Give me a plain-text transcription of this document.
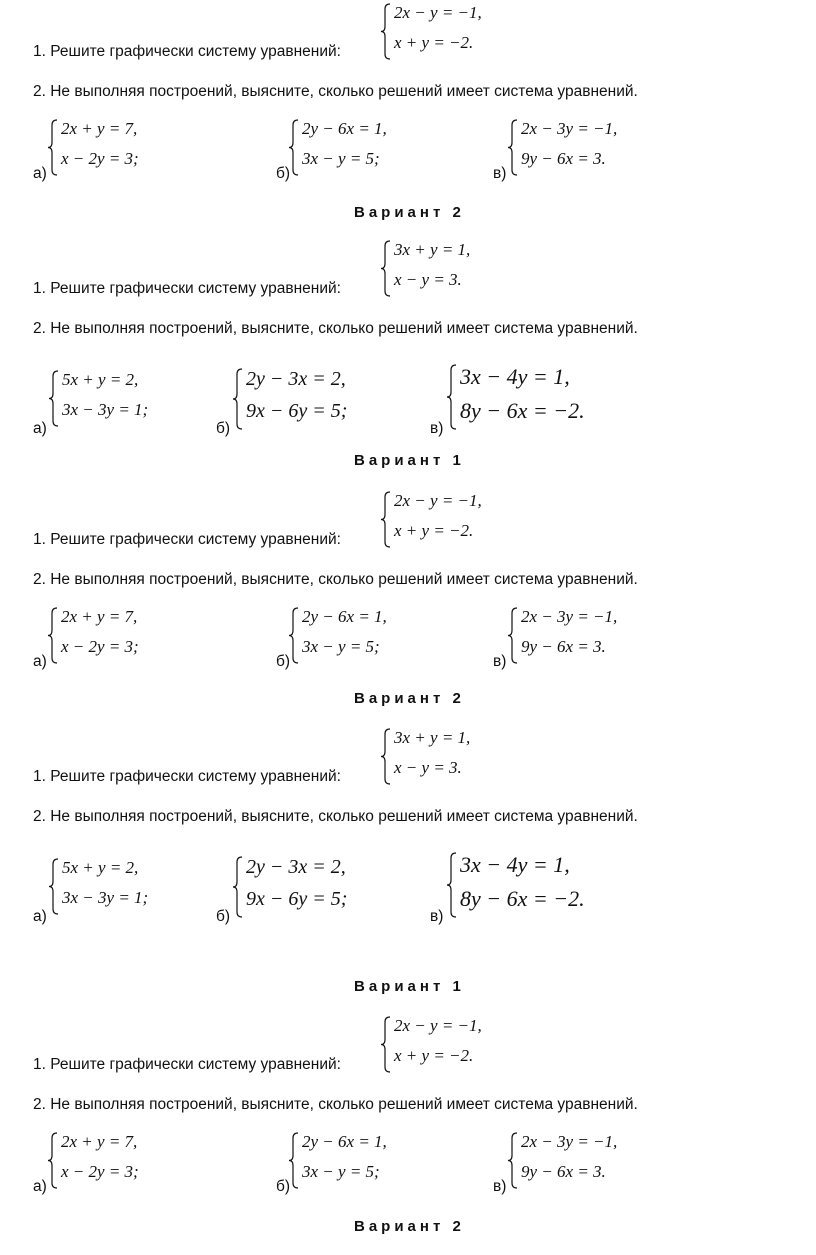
2x − y = −1,
x + y = −2.
1. Решите графически систему уравнений:
2. Не выполняя построений, выясните, сколько решений имеет система уравнений.
2x + y = 7,
x − 2y = 3;
2y − 6x = 1,
3x − y = 5;
2x − 3y = −1,
9y − 6x = 3.
а)	б)	в)
Вариант 2
3x + y = 1,
x − y = 3.
1. Решите графически систему уравнений:
2. Не выполняя построений, выясните, сколько решений имеет система уравнений.
5x + y = 2,
3x − 3y = 1;
2y − 3x = 2,
9x − 6y = 5;
3x − 4y = 1,
8y − 6x = −2.
а)	б)	в)
Вариант 1
2x − y = −1,
x + y = −2.
1. Решите графически систему уравнений:
2. Не выполняя построений, выясните, сколько решений имеет система уравнений.
2x + y = 7,
x − 2y = 3;
2y − 6x = 1,
3x − y = 5;
2x − 3y = −1,
9y − 6x = 3.
а)	б)	в)
Вариант 2
3x + y = 1,
x − y = 3.
1. Решите графически систему уравнений:
2. Не выполняя построений, выясните, сколько решений имеет система уравнений.
5x + y = 2,
3x − 3y = 1;
2y − 3x = 2,
9x − 6y = 5;
3x − 4y = 1,
8y − 6x = −2.
а)	б)	в)
Вариант 1
2x − y = −1,
x + y = −2.
1. Решите графически систему уравнений:
2. Не выполняя построений, выясните, сколько решений имеет система уравнений.
2x + y = 7,
x − 2y = 3;
2y − 6x = 1,
3x − y = 5;
2x − 3y = −1,
9y − 6x = 3.
а)	б)	в)
Вариант 2
